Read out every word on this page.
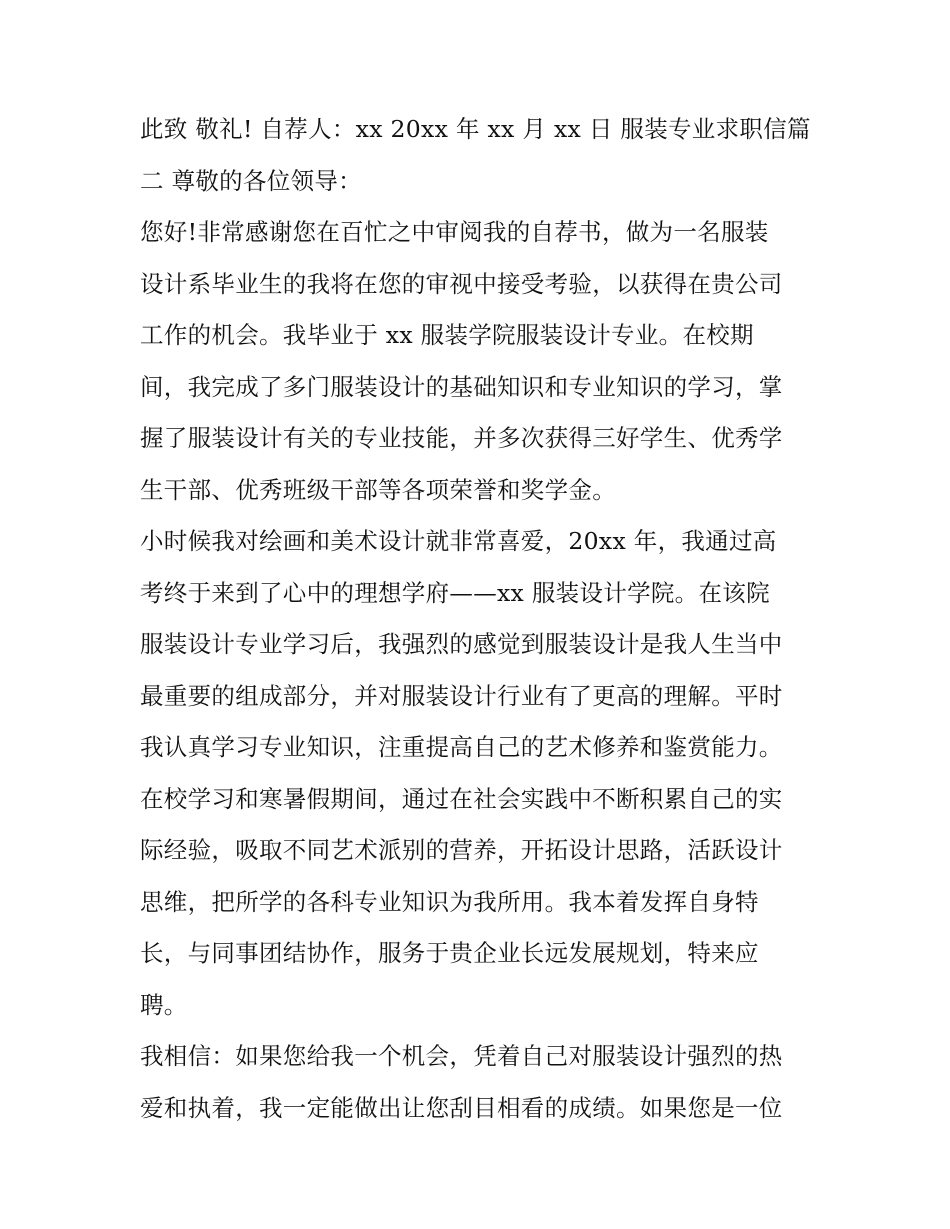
此致 敬礼! 自荐人：xx 20xx 年 xx 月 xx 日 服装专业求职信篇
二 尊敬的各位领导：
您好!非常感谢您在百忙之中审阅我的自荐书，做为一名服装
设计系毕业生的我将在您的审视中接受考验，以获得在贵公司
工作的机会。我毕业于 xx 服装学院服装设计专业。在校期
间，我完成了多门服装设计的基础知识和专业知识的学习，掌
握了服装设计有关的专业技能，并多次获得三好学生、优秀学
生干部、优秀班级干部等各项荣誉和奖学金。
小时候我对绘画和美术设计就非常喜爱，20xx 年，我通过高
考终于来到了心中的理想学府——xx 服装设计学院。在该院
服装设计专业学习后，我强烈的感觉到服装设计是我人生当中
最重要的组成部分，并对服装设计行业有了更高的理解。平时
我认真学习专业知识，注重提高自己的艺术修养和鉴赏能力。
在校学习和寒暑假期间，通过在社会实践中不断积累自己的实
际经验，吸取不同艺术派别的营养，开拓设计思路，活跃设计
思维，把所学的各科专业知识为我所用。我本着发挥自身特
长，与同事团结协作，服务于贵企业长远发展规划，特来应
聘。
我相信：如果您给我一个机会，凭着自己对服装设计强烈的热
爱和执着，我一定能做出让您刮目相看的成绩。如果您是一位
